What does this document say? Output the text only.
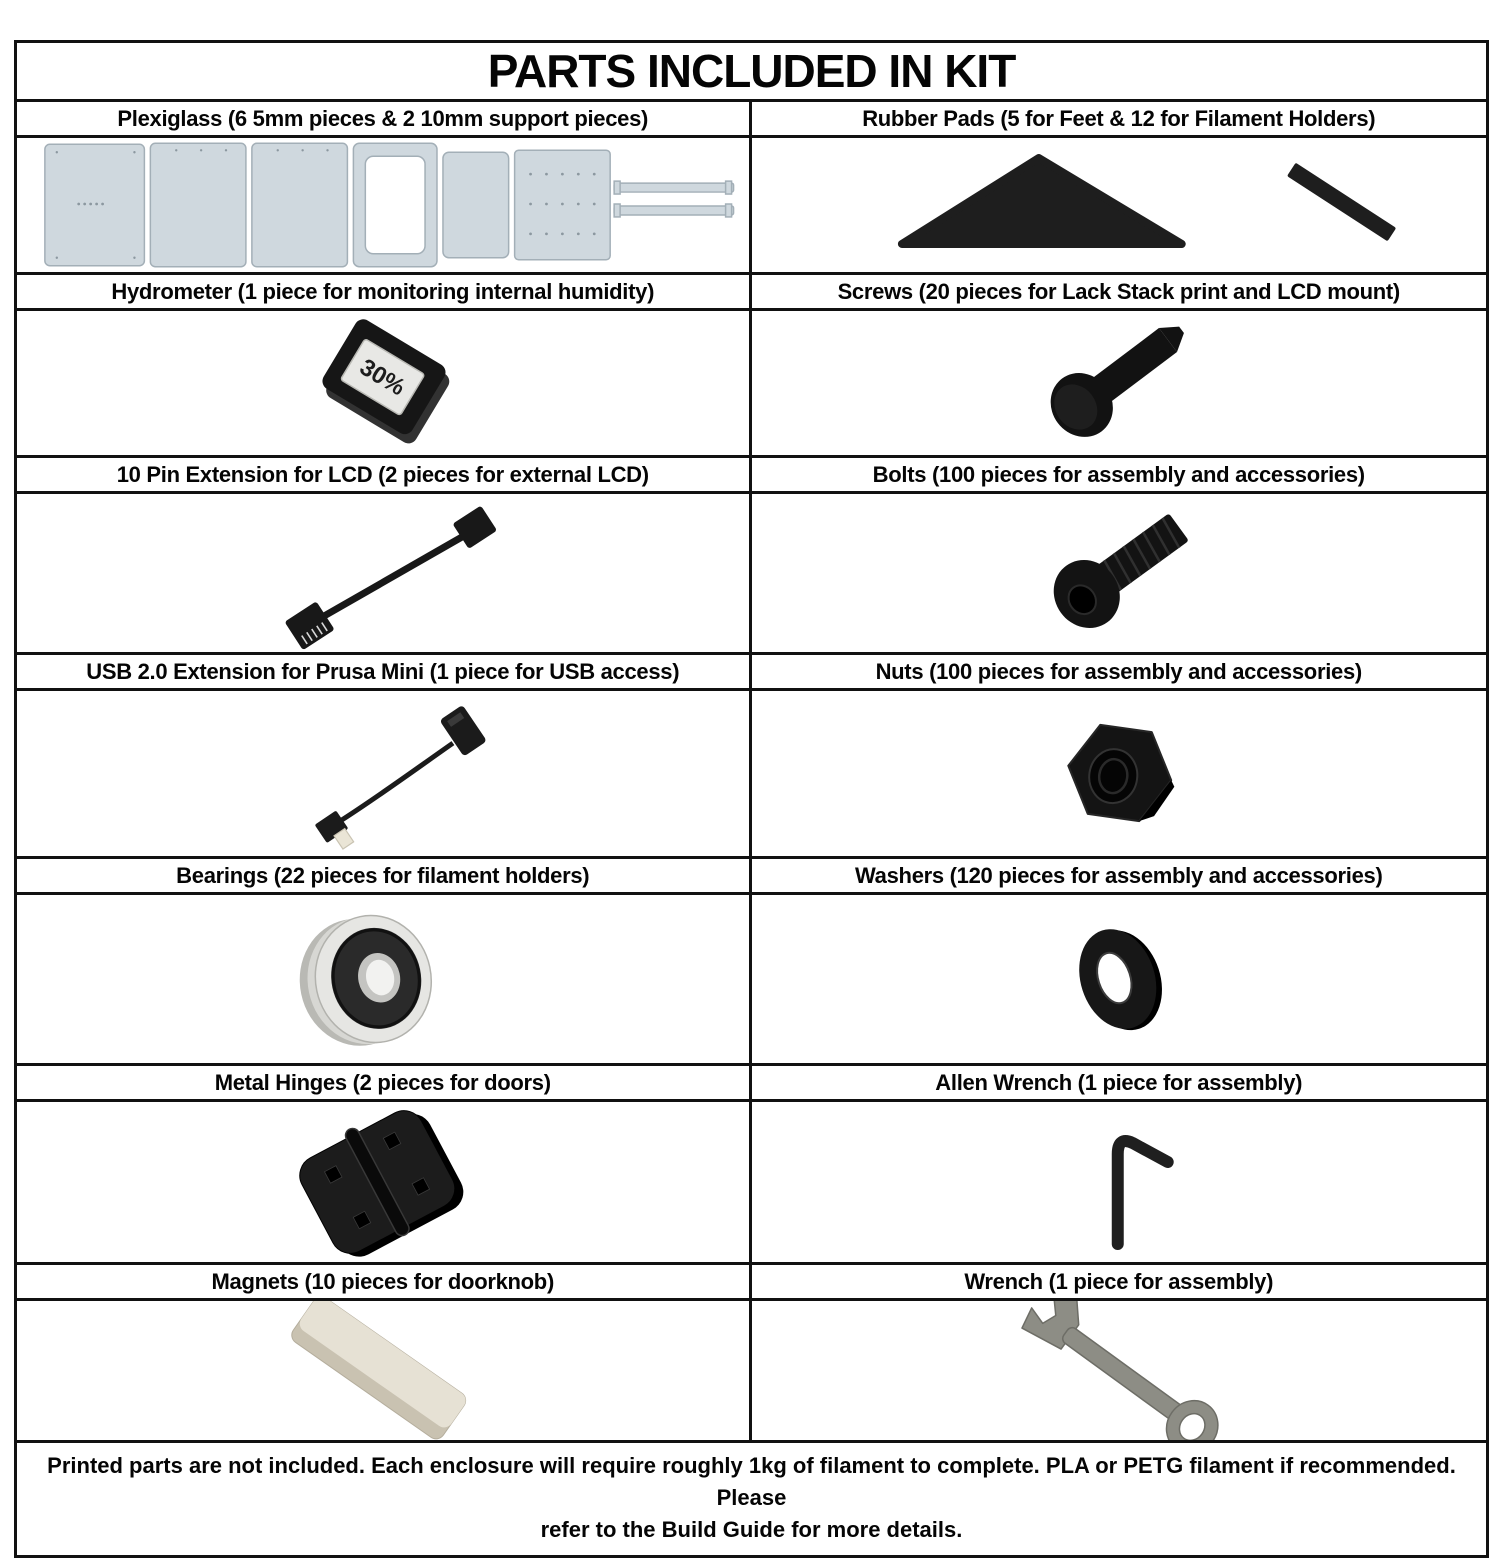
PARTS INCLUDED IN KIT
Plexiglass (6 5mm pieces & 2 10mm support pieces)	Rubber Pads (5 for Feet & 12 for Filament Holders)
Hydrometer (1 piece for monitoring internal humidity)	Screws (20 pieces for Lack Stack print and LCD mount)
30%
10 Pin Extension for LCD (2 pieces for external LCD)	Bolts (100 pieces for assembly and accessories)
USB 2.0 Extension for Prusa Mini (1 piece for USB access)	Nuts (100 pieces for assembly and accessories)
Bearings (22 pieces for filament holders)	Washers (120 pieces for assembly and accessories)
Metal Hinges (2 pieces for doors)	Allen Wrench (1 piece for assembly)
Magnets (10 pieces for doorknob)	Wrench (1 piece for assembly)
Printed parts are not included. Each enclosure will require roughly 1kg of filament to complete. PLA or PETG filament if recommended. Please
refer to the Build Guide for more details.
